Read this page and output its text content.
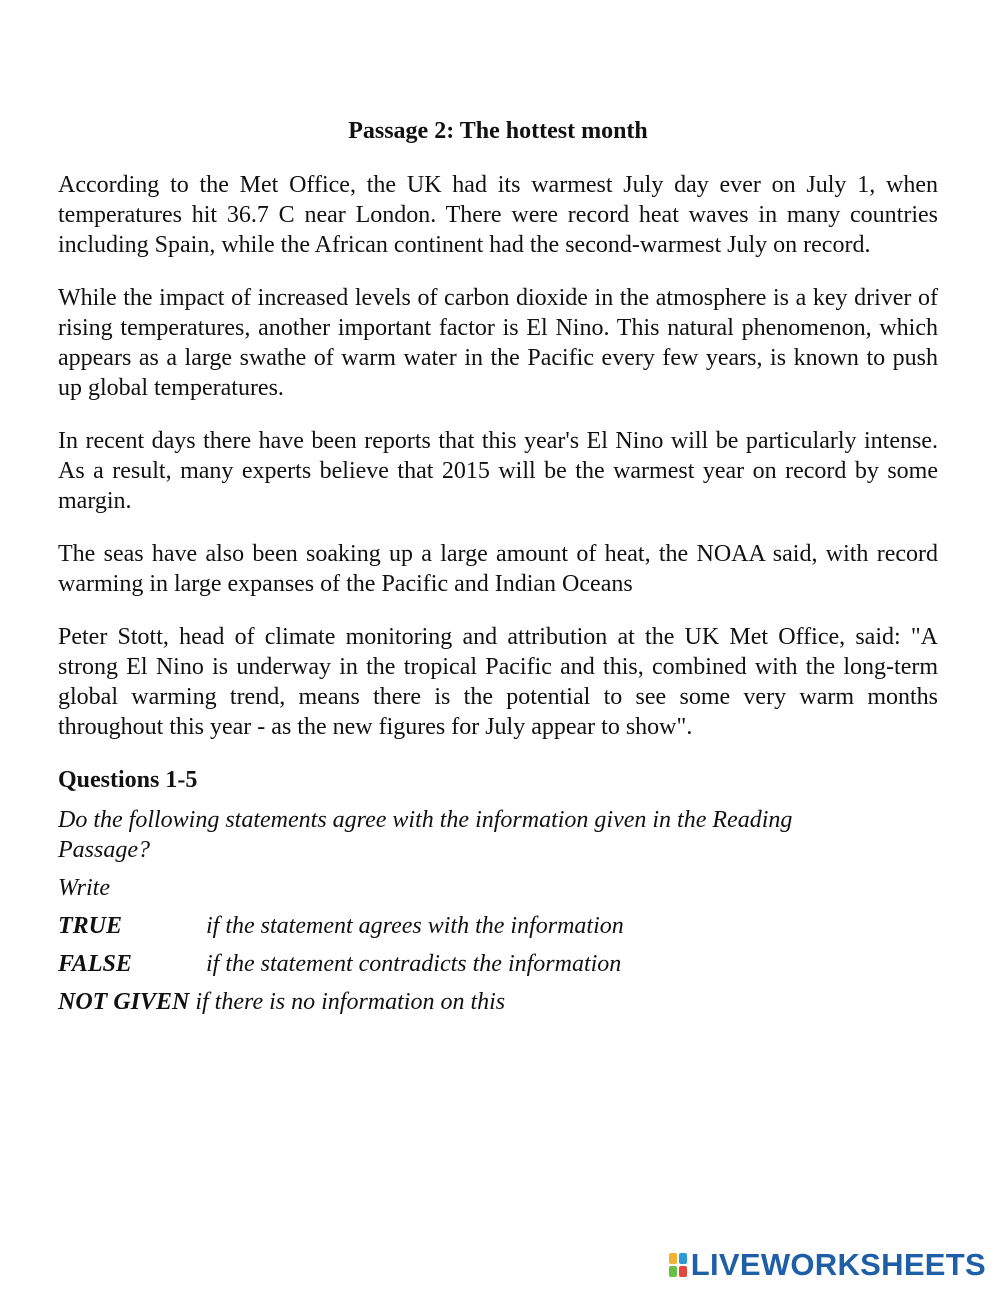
Passage 2: The hottest month

According to the Met Office, the UK had its warmest July day ever on July 1, when temperatures hit 36.7 C near London. There were record heat waves in many countries including Spain, while the African continent had the second-warmest July on record.

While the impact of increased levels of carbon dioxide in the atmosphere is a key driver of rising temperatures, another important factor is El Nino. This natural phenomenon, which appears as a large swathe of warm water in the Pacific every few years, is known to push up global temperatures.

In recent days there have been reports that this year's El Nino will be particularly intense. As a result, many experts believe that 2015 will be the warmest year on record by some margin.

The seas have also been soaking up a large amount of heat, the NOAA said, with record warming in large expanses of the Pacific and Indian Oceans

Peter Stott, head of climate monitoring and attribution at the UK Met Office, said: "A strong El Nino is underway in the tropical Pacific and this, combined with the long-term global warming trend, means there is the potential to see some very warm months throughout this year - as the new figures for July appear to show".

Questions 1-5
Do the following statements agree with the information given in the Reading Passage?
Write
TRUE	if the statement agrees with the information
FALSE	if the statement contradicts the information
NOT GIVEN if there is no information on this
LIVEWORKSHEETS
